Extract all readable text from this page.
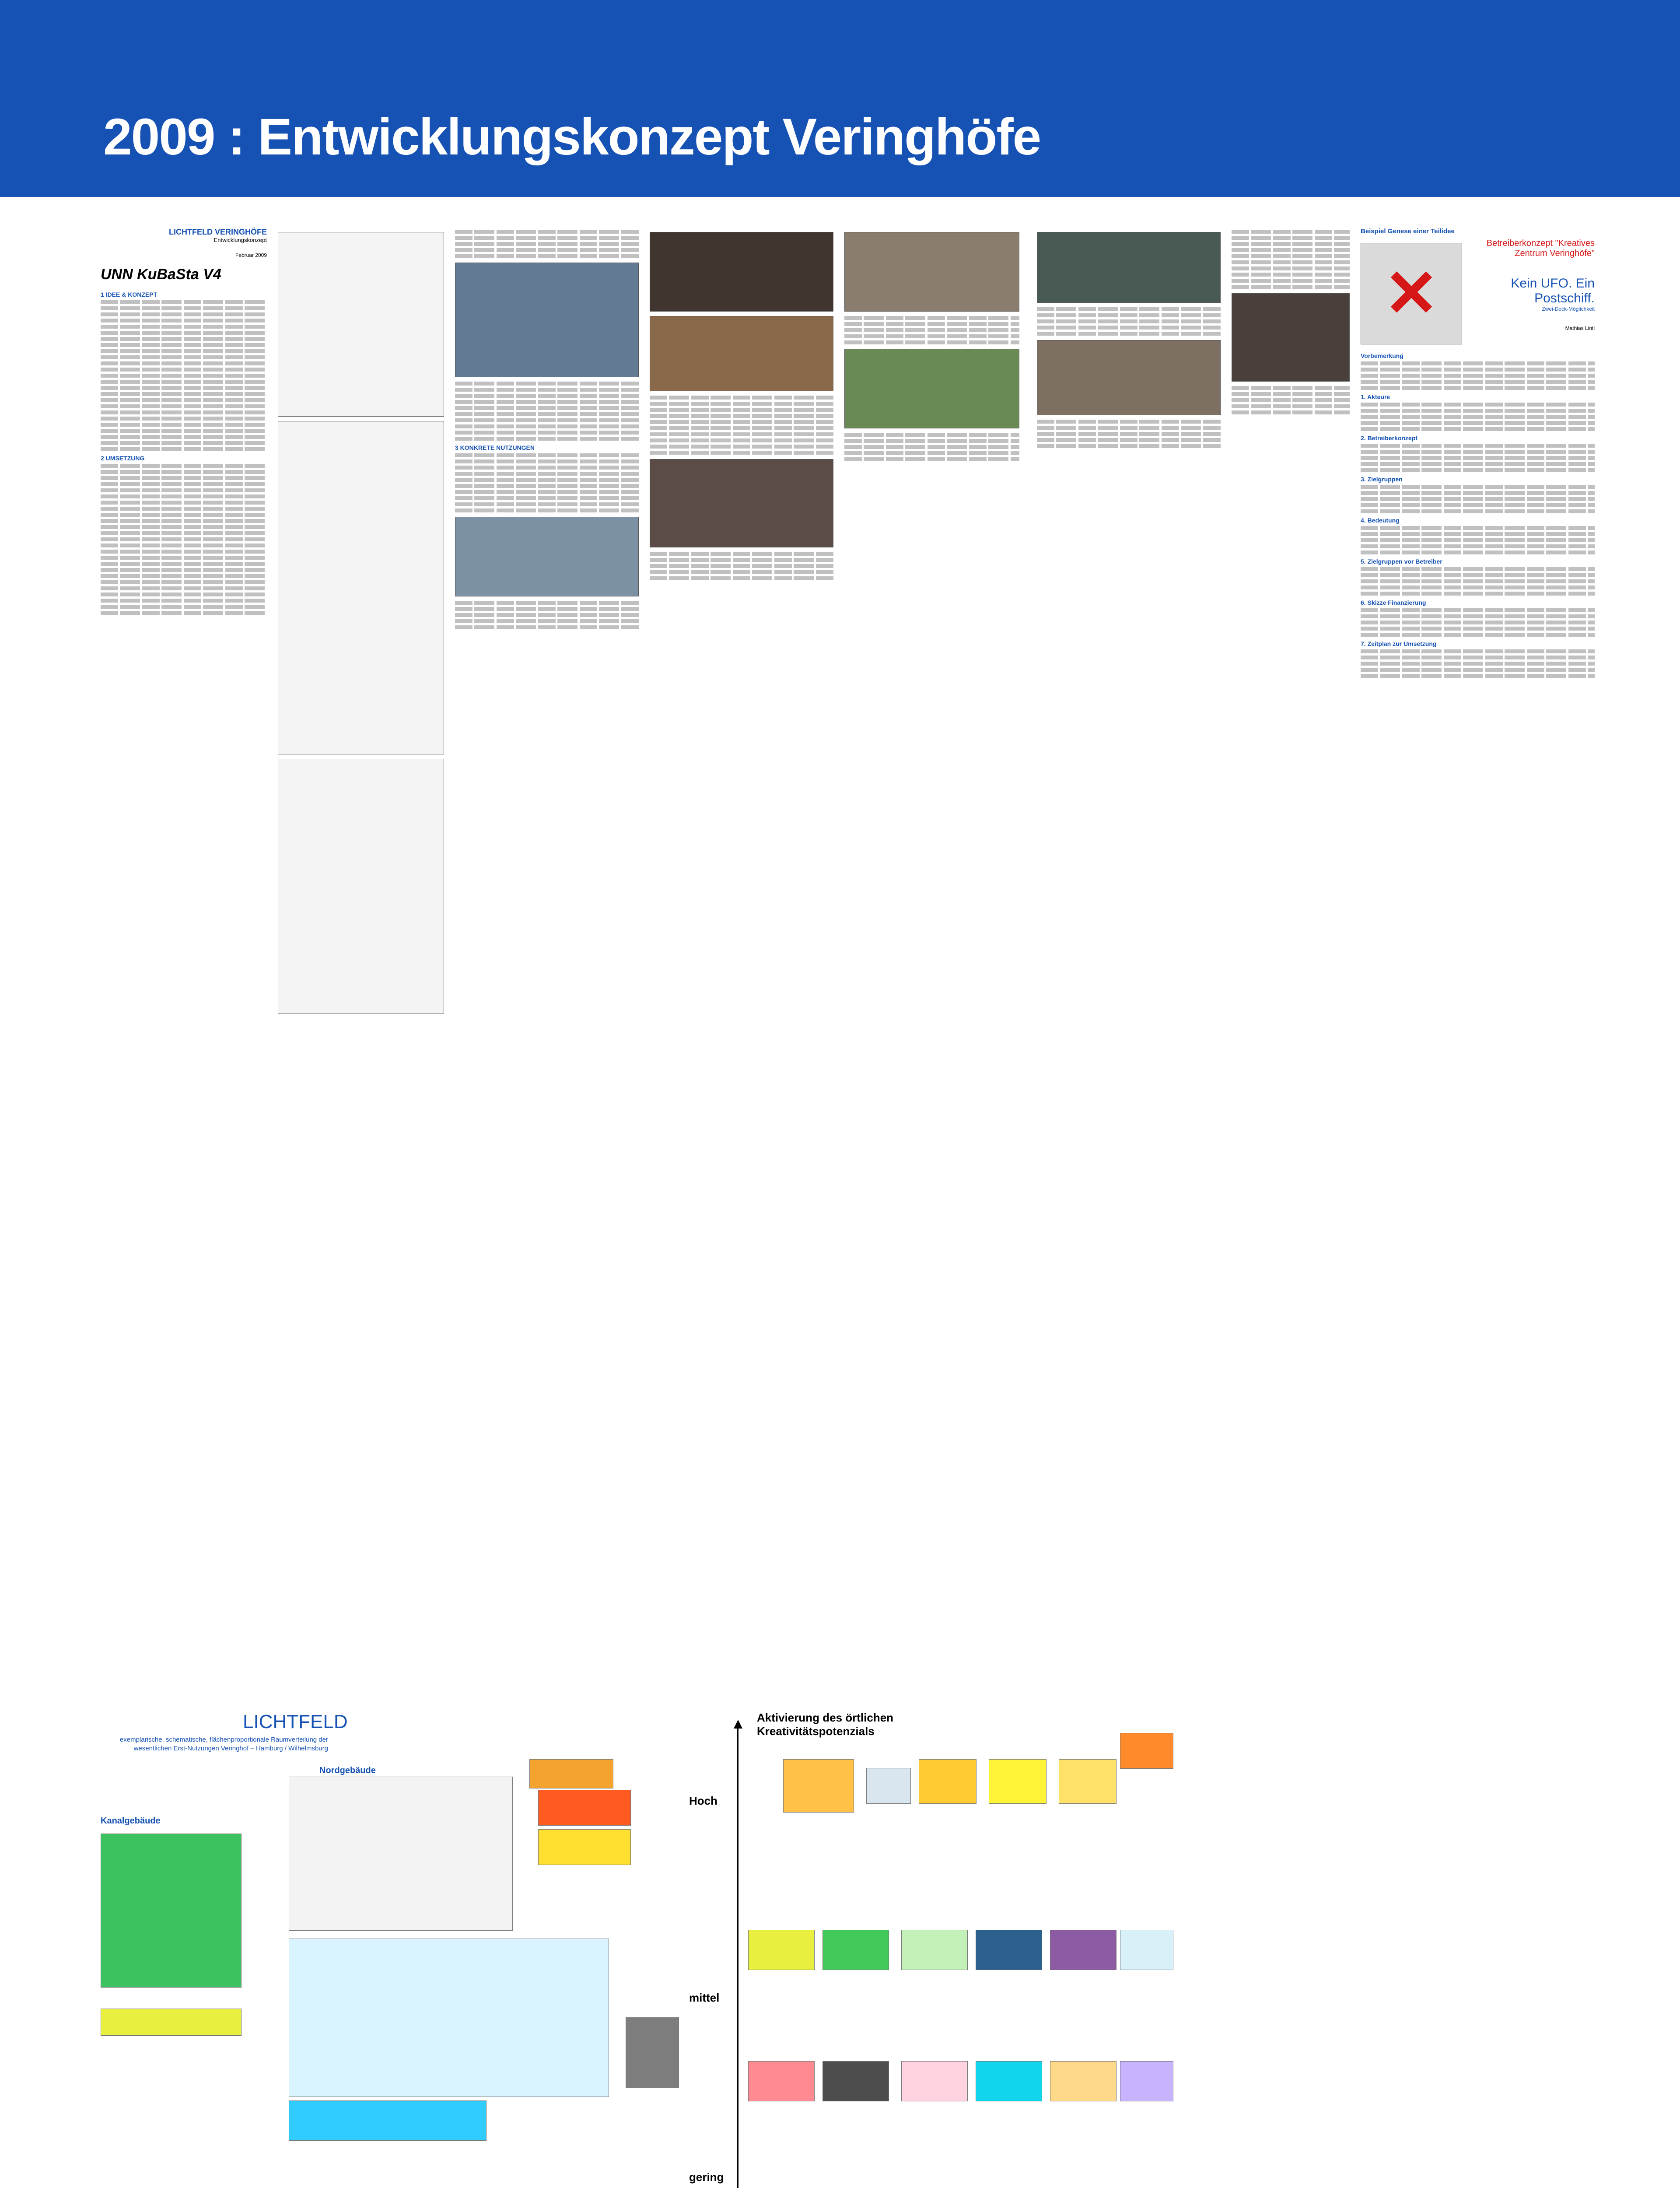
2009 : Entwicklungskonzept Veringhöfe
LICHTFELD VERINGHÖFE
Entwicklungskonzept
Februar 2009
UNN KuBaSta V4
1 IDEE & KONZEPT
2 UMSETZUNG
3 KONKRETE NUTZUNGEN
Beispiel Genese einer Teilidee
✕
Betreiberkonzept "Kreatives Zentrum Veringhöfe"
Kein UFO. Ein Postschiff.
Zwei-Deck-Möglichkeit
Mathias Lintl
Vorbemerkung
1. Akteure
2. Betreiberkonzept
3. Zielgruppen
4. Bedeutung
5. Zielgruppen vor Betreiber
6. Skizze Finanzierung
7. Zeitplan zur Umsetzung
LICHTFELD
exemplarische, schematische, flächenproportionale Raumverteilung der wesentlichen Erst-Nutzungen Veringhof – Hamburg / Wilhelmsburg
Nordgebäude
Kanalgebäude
Aktivierung des örtlichen Kreativitätspotenzials
Hoch
mittel
gering
